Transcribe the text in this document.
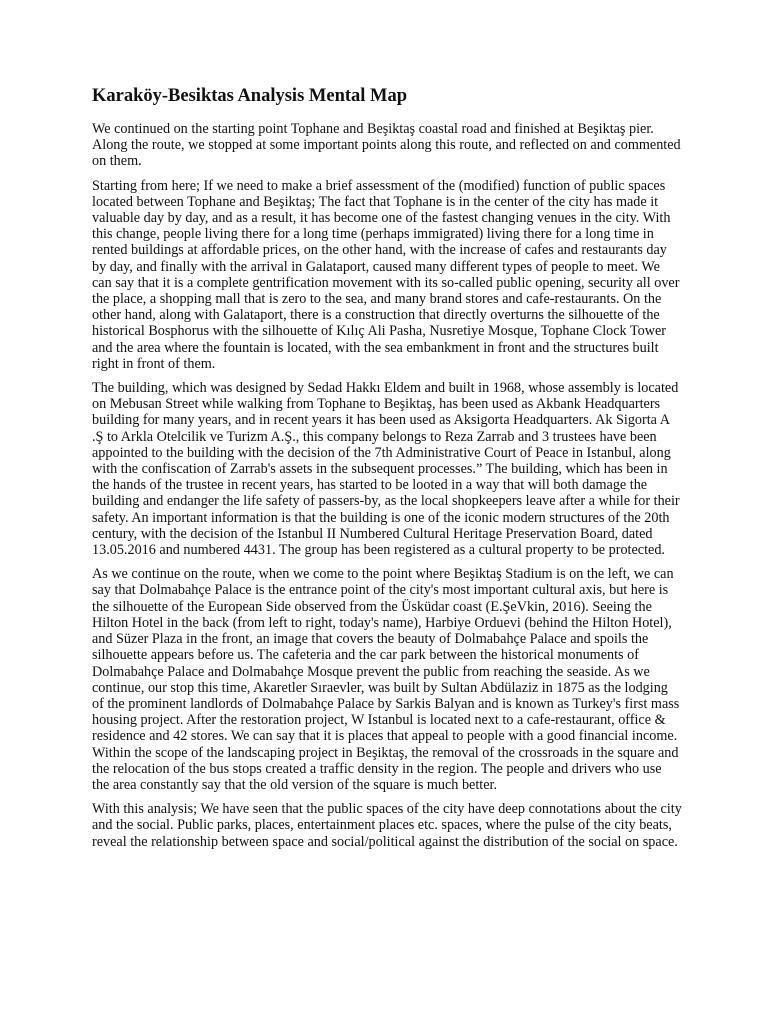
Karaköy-Besiktas Analysis Mental Map

We continued on the starting point Tophane and Beşiktaş coastal road and finished at Beşiktaş pier. Along the route, we stopped at some important points along this route, and reflected on and commented on them.

Starting from here; If we need to make a brief assessment of the (modified) function of public spaces located between Tophane and Beşiktaş; The fact that Tophane is in the center of the city has made it valuable day by day, and as a result, it has become one of the fastest changing venues in the city. With this change, people living there for a long time (perhaps immigrated) living there for a long time in rented buildings at affordable prices, on the other hand, with the increase of cafes and restaurants day by day, and finally with the arrival in Galataport, caused many different types of people to meet. We can say that it is a complete gentrification movement with its so-called public opening, security all over the place, a shopping mall that is zero to the sea, and many brand stores and cafe-restaurants. On the other hand, along with Galataport, there is a construction that directly overturns the silhouette of the historical Bosphorus with the silhouette of Kılıç Ali Pasha, Nusretiye Mosque, Tophane Clock Tower and the area where the fountain is located, with the sea embankment in front and the structures built right in front of them.

The building, which was designed by Sedad Hakkı Eldem and built in 1968, whose assembly is located on Mebusan Street while walking from Tophane to Beşiktaş, has been used as Akbank Headquarters building for many years, and in recent years it has been used as Aksigorta Headquarters. Ak Sigorta A .Ş to Arkla Otelcilik ve Turizm A.Ş., this company belongs to Reza Zarrab and 3 trustees have been appointed to the building with the decision of the 7th Administrative Court of Peace in Istanbul, along with the confiscation of Zarrab's assets in the subsequent processes.” The building, which has been in the hands of the trustee in recent years, has started to be looted in a way that will both damage the building and endanger the life safety of passers-by, as the local shopkeepers leave after a while for their safety. An important information is that the building is one of the iconic modern structures of the 20th century, with the decision of the Istanbul II Numbered Cultural Heritage Preservation Board, dated 13.05.2016 and numbered 4431. The group has been registered as a cultural property to be protected.

As we continue on the route, when we come to the point where Beşiktaş Stadium is on the left, we can say that Dolmabahçe Palace is the entrance point of the city's most important cultural axis, but here is the silhouette of the European Side observed from the Üsküdar coast (E.ŞeVkin, 2016). Seeing the Hilton Hotel in the back (from left to right, today's name), Harbiye Orduevi (behind the Hilton Hotel), and Süzer Plaza in the front, an image that covers the beauty of Dolmabahçe Palace and spoils the silhouette appears before us. The cafeteria and the car park between the historical monuments of Dolmabahçe Palace and Dolmabahçe Mosque prevent the public from reaching the seaside. As we continue, our stop this time, Akaretler Sıraevler, was built by Sultan Abdülaziz in 1875 as the lodging of the prominent landlords of Dolmabahçe Palace by Sarkis Balyan and is known as Turkey's first mass housing project. After the restoration project, W Istanbul is located next to a cafe-restaurant, office & residence and 42 stores. We can say that it is places that appeal to people with a good financial income. Within the scope of the landscaping project in Beşiktaş, the removal of the crossroads in the square and the relocation of the bus stops created a traffic density in the region. The people and drivers who use the area constantly say that the old version of the square is much better.

With this analysis; We have seen that the public spaces of the city have deep connotations about the city and the social. Public parks, places, entertainment places etc. spaces, where the pulse of the city beats, reveal the relationship between space and social/political against the distribution of the social on space.
